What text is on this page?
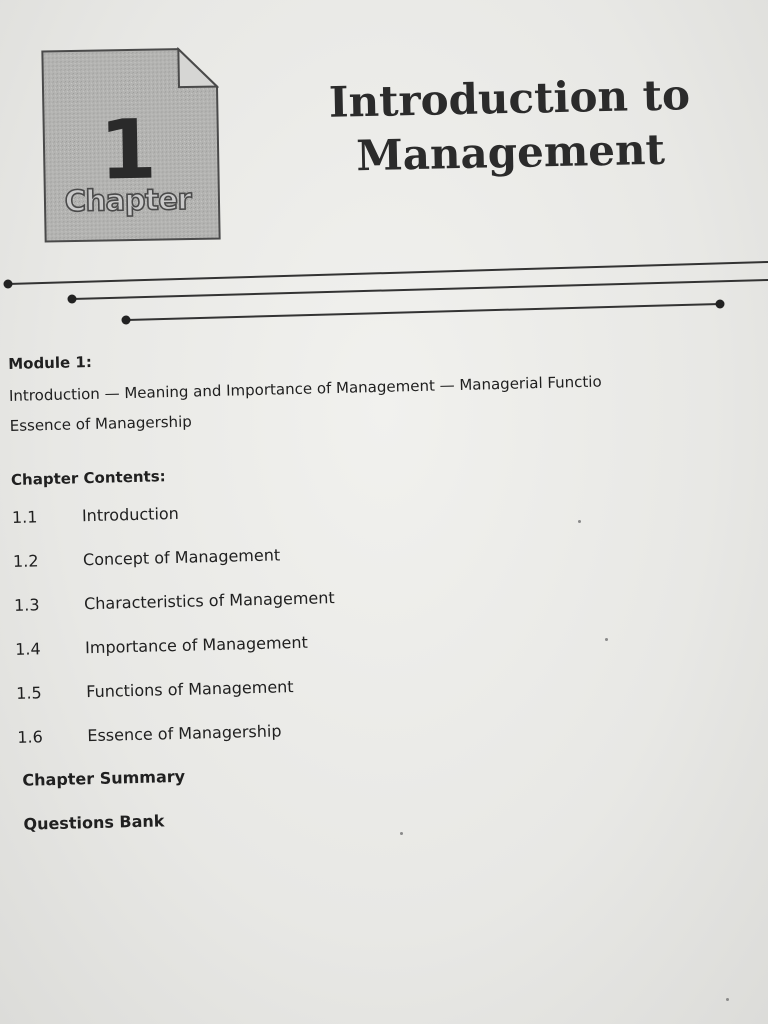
1
Chapter
Introduction to
Management
Module 1:

Introduction — Meaning and Importance of Management — Managerial Functio

Essence of Managership

Chapter Contents:
1.1	Introduction
1.2	Concept of Management
1.3	Characteristics of Management
1.4	Importance of Management
1.5	Functions of Management
1.6	Essence of Managership
Chapter Summary
Questions Bank
